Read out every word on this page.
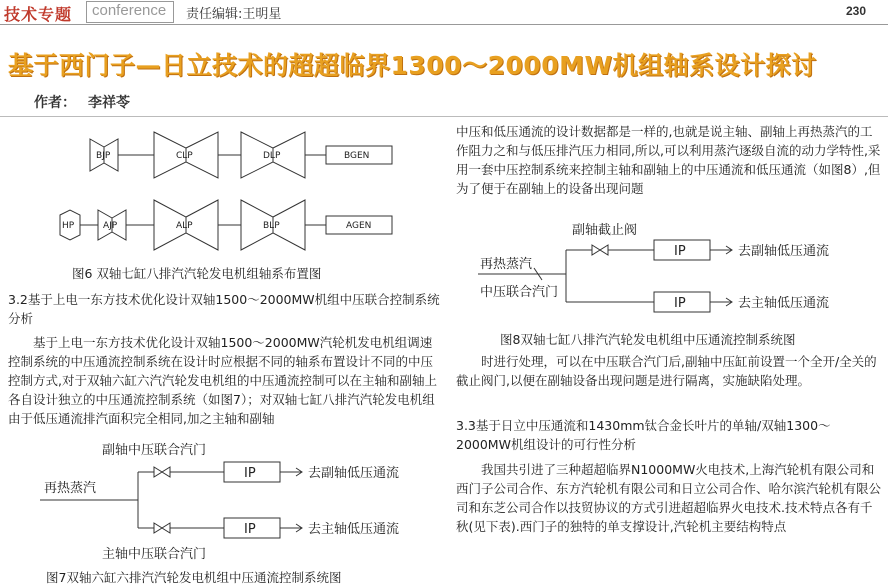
技术专题 conference 责任编辑:王明星	230
基于西门子—日立技术的超超临界1300～2000MW机组轴系设计探讨
作者： 李祥苓
BJP	CLP	DLP	BGEN
HP	AJP	ALP	BLP	AGEN
图6 双轴七缸八排汽汽轮发电机组轴系布置图

3.2基于上电一东方技术优化设计双轴1500～2000MW机组中压联合控制系统分析

基于上电一东方技术优化设计双轴1500～2000MW汽轮机发电机组调速控制系统的中压通流控制系统在设计时应根据不同的轴系布置设计不同的中压控制方式,对于双轴六缸六汽汽轮发电机组的中压通流控制可以在主轴和副轴上各自设计独立的中压通流控制系统（如图7）；对双轴七缸八排汽汽轮发电机组由于低压通流排汽面积完全相同,加之主轴和副轴

副轴中压联合汽门
再热蒸汽
IP
IP
去副轴低压通流
去主轴低压通流
主轴中压联合汽门
图7双轴六缸六排汽汽轮发电机组中压通流控制系统图

中压和低压通流的设计数据都是一样的,也就是说主轴、副轴上再热蒸汽的工作阻力之和与低压排汽压力相同,所以,可以利用蒸汽逐级自流的动力学特性,采用一套中压控制系统来控制主轴和副轴上的中压通流和低压通流（如图8）,但为了便于在副轴上的设备出现问题

副轴截止阀
再热蒸汽
中压联合汽门
IP
IP
去副轴低压通流
去主轴低压通流
图8双轴七缸八排汽汽轮发电机组中压通流控制系统图

时进行处理，可以在中压联合汽门后,副轴中压缸前设置一个全开/全关的截止阀门,以便在副轴设备出现问题是进行隔离，实施缺陷处理。

3.3基于日立中压通流和1430mm钛合金长叶片的单轴/双轴1300～2000MW机组设计的可行性分析

我国共引进了三种超超临界N1000MW火电技术,上海汽轮机有限公司和西门子公司合作、东方汽轮机有限公司和日立公司合作、哈尔滨汽轮机有限公司和东芝公司合作以技贸协议的方式引进超超临界火电技术.技术特点各有千秋(见下表).西门子的独特的单支撑设计,汽轮机主要结构特点
